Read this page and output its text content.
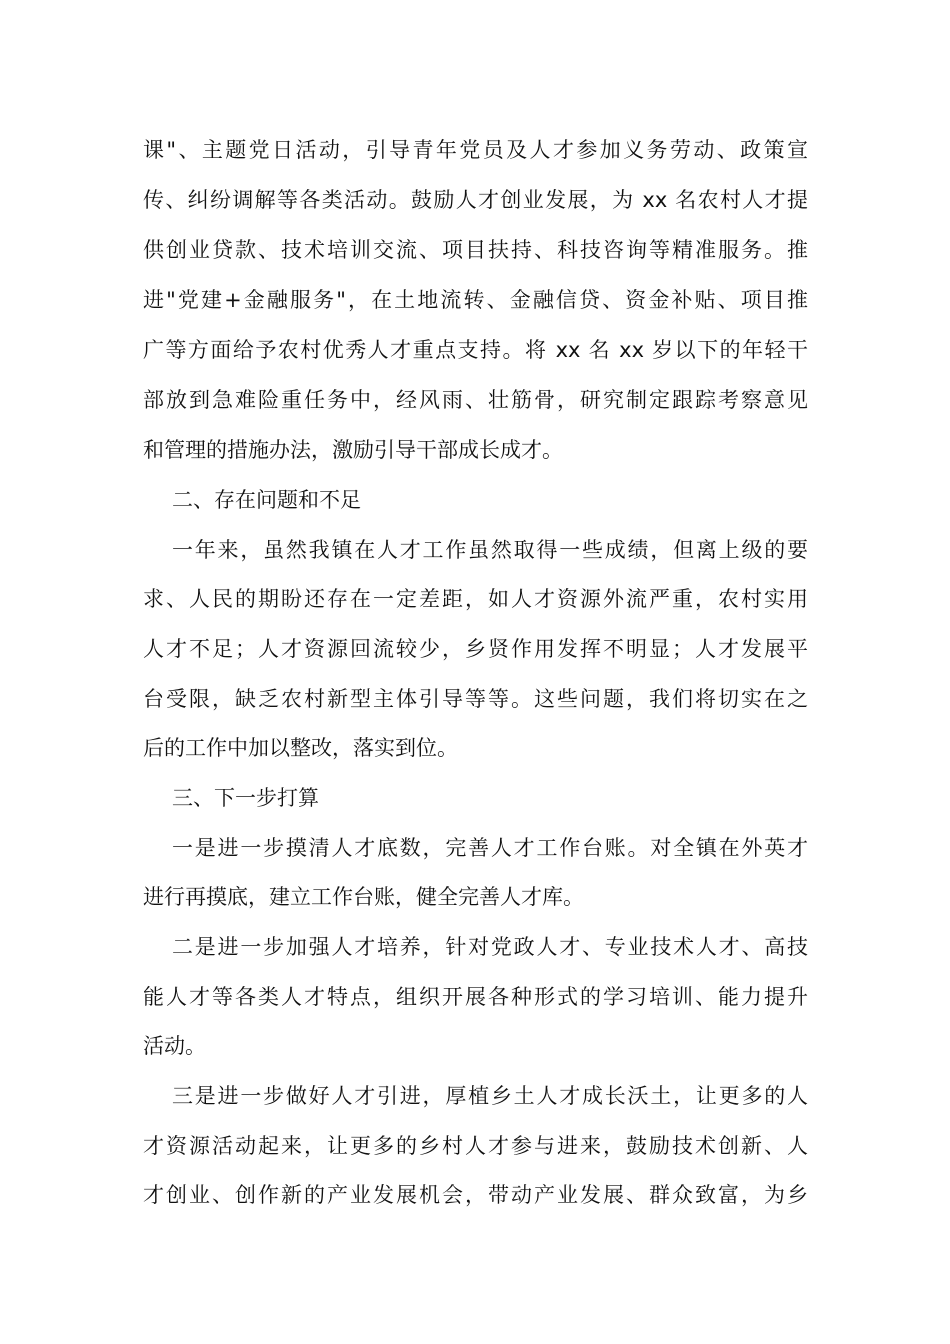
课"、主题党日活动，引导青年党员及人才参加义务劳动、政策宣
传、纠纷调解等各类活动。鼓励人才创业发展，为 xx 名农村人才提
供创业贷款、技术培训交流、项目扶持、科技咨询等精准服务。推
进"党建+金融服务"，在土地流转、金融信贷、资金补贴、项目推
广等方面给予农村优秀人才重点支持。将 xx 名 xx 岁以下的年轻干
部放到急难险重任务中，经风雨、壮筋骨，研究制定跟踪考察意见
和管理的措施办法，激励引导干部成长成才。
二、存在问题和不足
一年来，虽然我镇在人才工作虽然取得一些成绩，但离上级的要
求、人民的期盼还存在一定差距，如人才资源外流严重，农村实用
人才不足；人才资源回流较少，乡贤作用发挥不明显；人才发展平
台受限，缺乏农村新型主体引导等等。这些问题，我们将切实在之
后的工作中加以整改，落实到位。
三、下一步打算
一是进一步摸清人才底数，完善人才工作台账。对全镇在外英才
进行再摸底，建立工作台账，健全完善人才库。
二是进一步加强人才培养，针对党政人才、专业技术人才、高技
能人才等各类人才特点，组织开展各种形式的学习培训、能力提升
活动。
三是进一步做好人才引进，厚植乡土人才成长沃土，让更多的人
才资源活动起来，让更多的乡村人才参与进来，鼓励技术创新、人
才创业、创作新的产业发展机会，带动产业发展、群众致富，为乡
